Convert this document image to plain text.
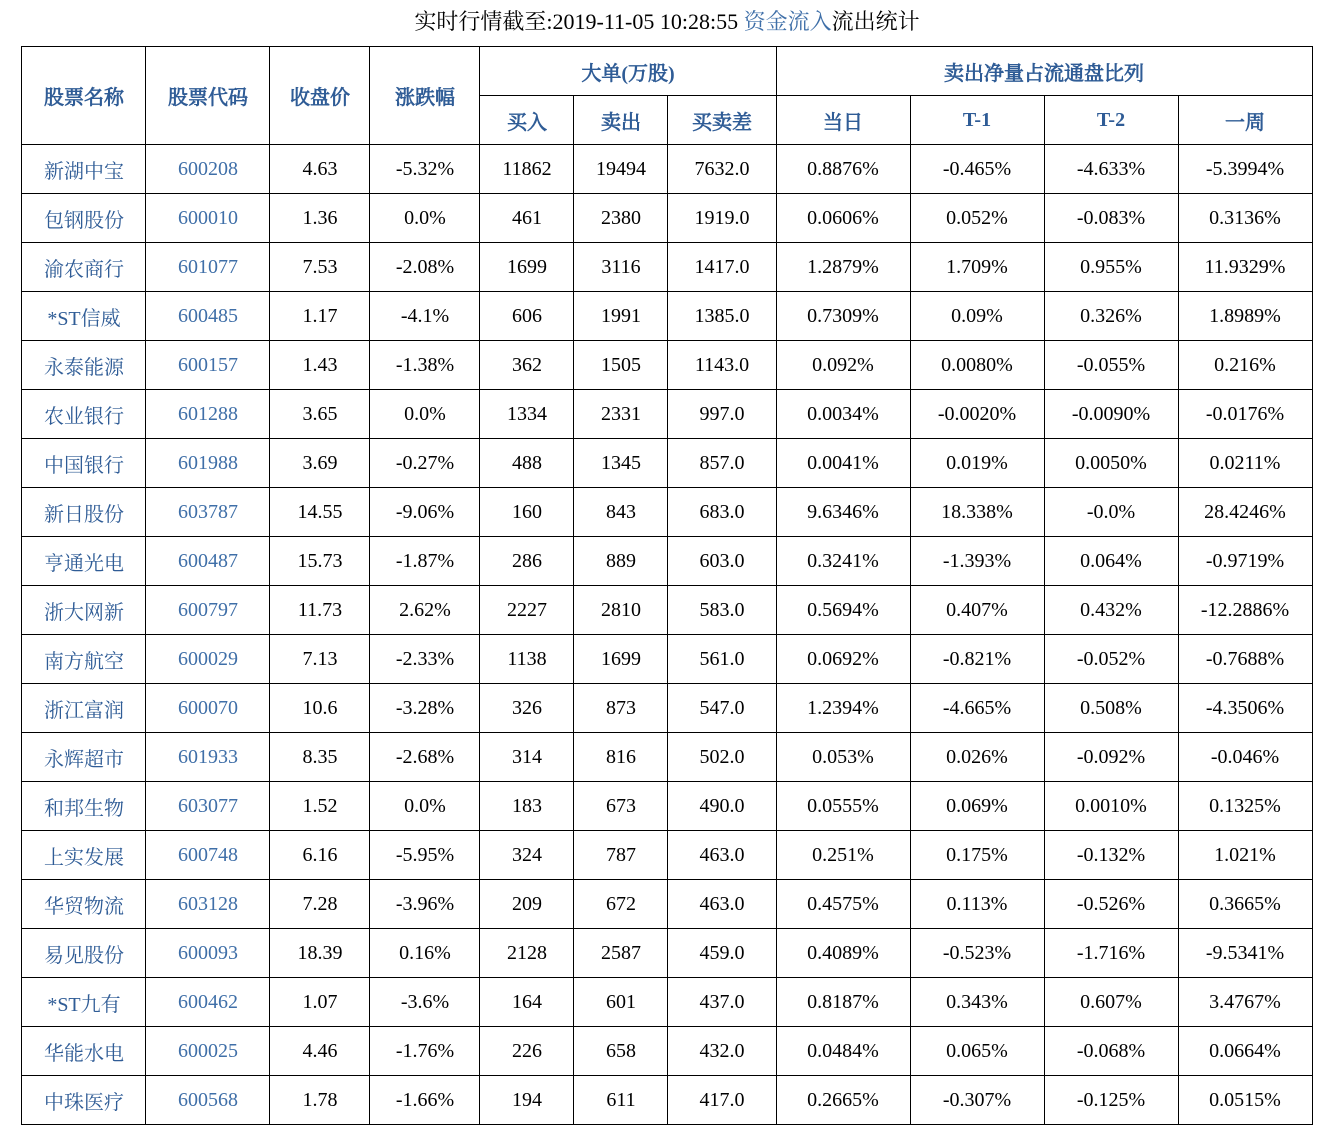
实时行情截至:2019-11-05 10:28:55 资金流入流出统计
股票名称	股票代码	收盘价	涨跌幅	大单(万股)			卖出净量占流通盘比列			
				买入	卖出	买卖差	当日	T-1	T-2	一周
新湖中宝	600208	4.63	-5.32%	11862	19494	7632.0	0.8876%	-0.465%	-4.633%	-5.3994%
包钢股份	600010	1.36	0.0%	461	2380	1919.0	0.0606%	0.052%	-0.083%	0.3136%
渝农商行	601077	7.53	-2.08%	1699	3116	1417.0	1.2879%	1.709%	0.955%	11.9329%
*ST信威	600485	1.17	-4.1%	606	1991	1385.0	0.7309%	0.09%	0.326%	1.8989%
永泰能源	600157	1.43	-1.38%	362	1505	1143.0	0.092%	0.0080%	-0.055%	0.216%
农业银行	601288	3.65	0.0%	1334	2331	997.0	0.0034%	-0.0020%	-0.0090%	-0.0176%
中国银行	601988	3.69	-0.27%	488	1345	857.0	0.0041%	0.019%	0.0050%	0.0211%
新日股份	603787	14.55	-9.06%	160	843	683.0	9.6346%	18.338%	-0.0%	28.4246%
亨通光电	600487	15.73	-1.87%	286	889	603.0	0.3241%	-1.393%	0.064%	-0.9719%
浙大网新	600797	11.73	2.62%	2227	2810	583.0	0.5694%	0.407%	0.432%	-12.2886%
南方航空	600029	7.13	-2.33%	1138	1699	561.0	0.0692%	-0.821%	-0.052%	-0.7688%
浙江富润	600070	10.6	-3.28%	326	873	547.0	1.2394%	-4.665%	0.508%	-4.3506%
永辉超市	601933	8.35	-2.68%	314	816	502.0	0.053%	0.026%	-0.092%	-0.046%
和邦生物	603077	1.52	0.0%	183	673	490.0	0.0555%	0.069%	0.0010%	0.1325%
上实发展	600748	6.16	-5.95%	324	787	463.0	0.251%	0.175%	-0.132%	1.021%
华贸物流	603128	7.28	-3.96%	209	672	463.0	0.4575%	0.113%	-0.526%	0.3665%
易见股份	600093	18.39	0.16%	2128	2587	459.0	0.4089%	-0.523%	-1.716%	-9.5341%
*ST九有	600462	1.07	-3.6%	164	601	437.0	0.8187%	0.343%	0.607%	3.4767%
华能水电	600025	4.46	-1.76%	226	658	432.0	0.0484%	0.065%	-0.068%	0.0664%
中珠医疗	600568	1.78	-1.66%	194	611	417.0	0.2665%	-0.307%	-0.125%	0.0515%
